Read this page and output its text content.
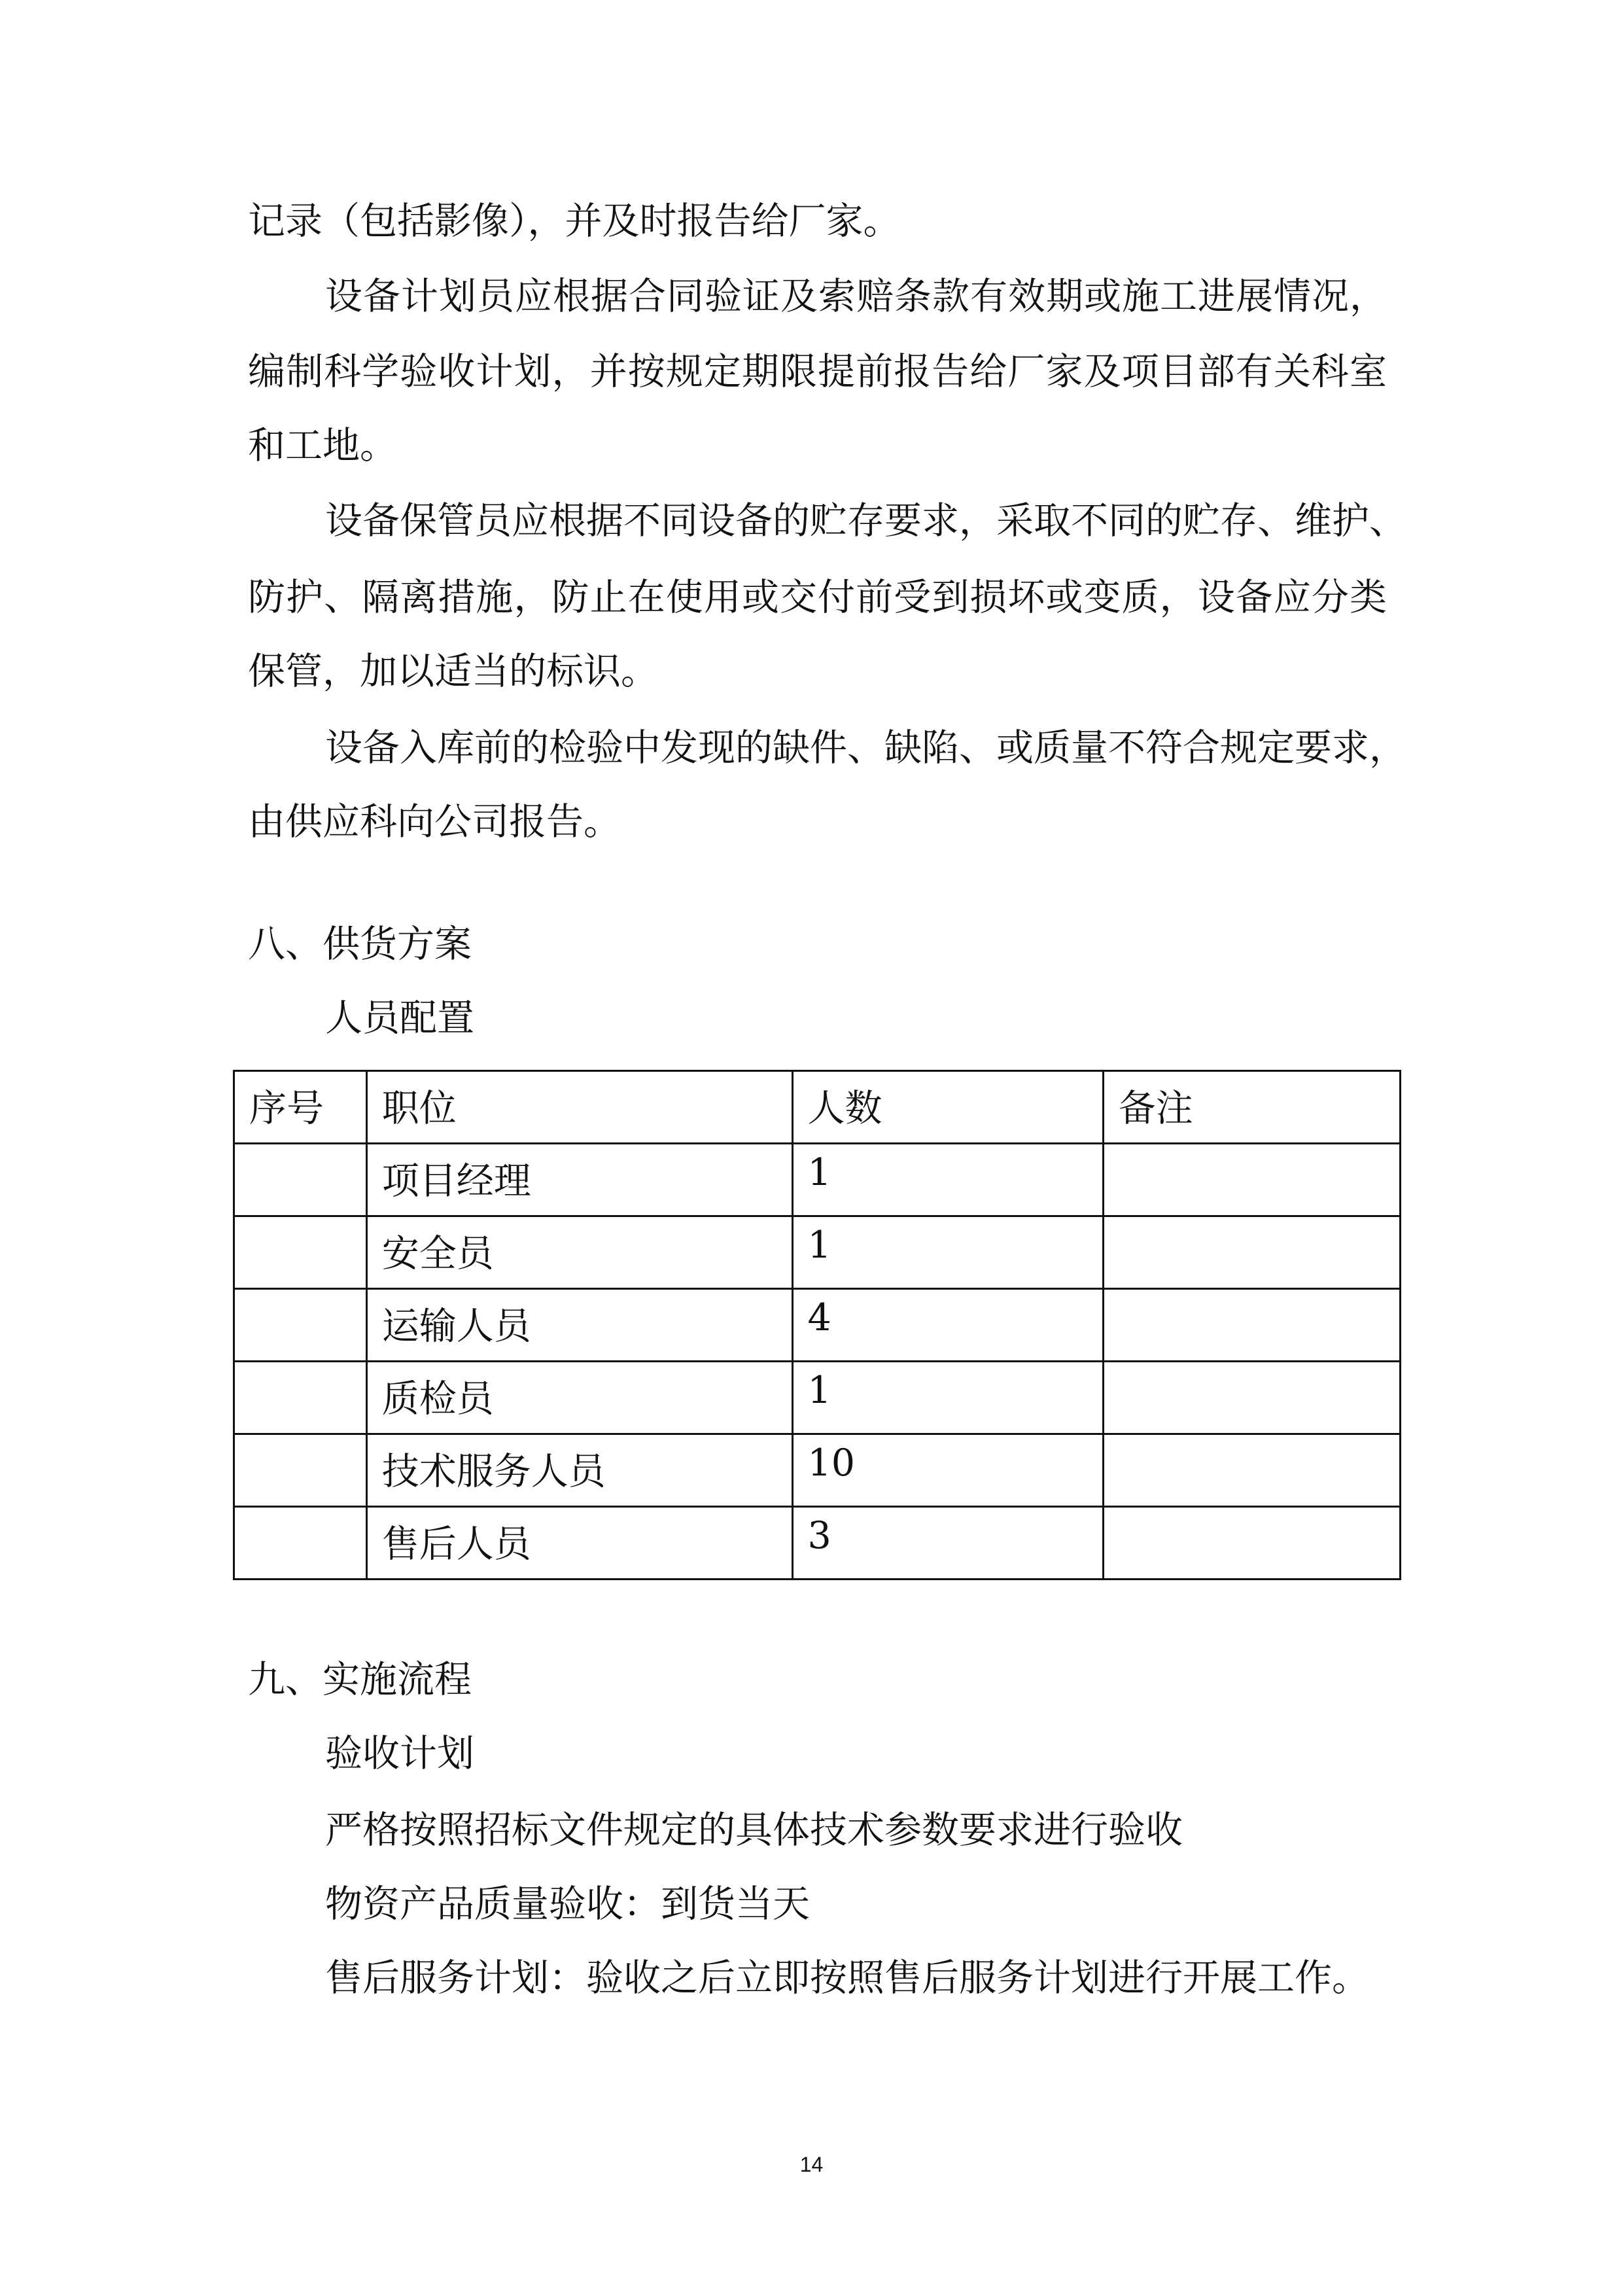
记录（包括影像），并及时报告给厂家。
设备计划员应根据合同验证及索赔条款有效期或施工进展情况，
编制科学验收计划，并按规定期限提前报告给厂家及项目部有关科室
和工地。
设备保管员应根据不同设备的贮存要求，采取不同的贮存、维护、
防护、隔离措施，防止在使用或交付前受到损坏或变质，设备应分类
保管，加以适当的标识。
设备入库前的检验中发现的缺件、缺陷、或质量不符合规定要求，
由供应科向公司报告。
八、供货方案
人员配置
序号	职位	人数	备注
	项目经理	1	
	安全员	1	
	运输人员	4	
	质检员	1	
	技术服务人员	10	
	售后人员	3	
九、实施流程
验收计划
严格按照招标文件规定的具体技术参数要求进行验收
物资产品质量验收：到货当天
售后服务计划：验收之后立即按照售后服务计划进行开展工作。
14
